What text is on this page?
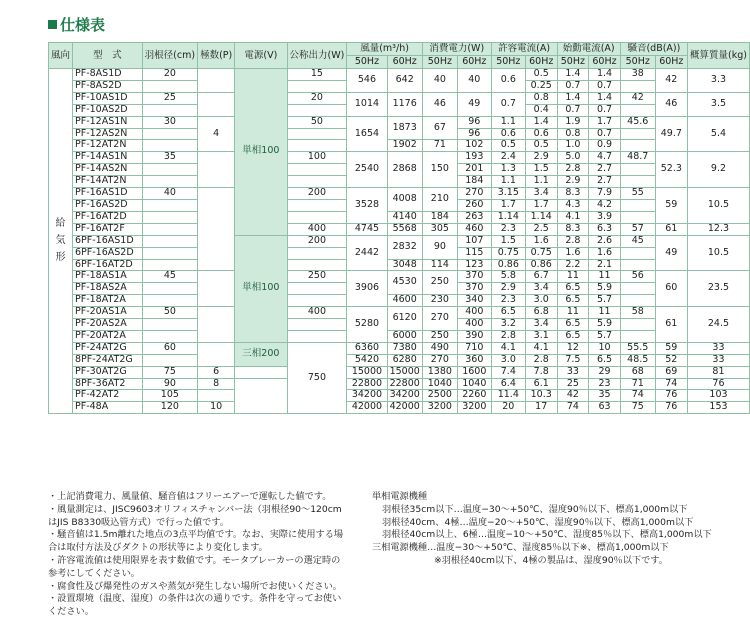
仕様表
風向	型　式	羽根径(cm)	極数(P)	電源(V)	公称出力(W)	風量(m³/h)		消費電力(W)		許容電流(A)		始動電流(A)		騒音(dB(A))		概算質量(kg)
						50Hz	60Hz	50Hz	60Hz	50Hz	60Hz	50Hz	60Hz	50Hz	60Hz	

給
気
形	PF-8AS1D	20		単相100	15	546	642	40	40	0.6	0.5	1.4	1.4	38	42	3.3
	PF-8AS2D										0.25	0.7	0.7			
	PF-10AS1D	25			20	1014	1176	46	49	0.7	0.8	1.4	1.4	42	46	3.5
	PF-10AS2D										0.4	0.7	0.7			
	PF-12AS1N	30	4		50	1654	1873	67	96	1.1	1.4	1.9	1.7	45.6	49.7	5.4
	PF-12AS2N								96	0.6	0.6	0.8	0.7			
	PF-12AT2N						1902	71	102	0.5	0.5	1.0	0.9			
	PF-14AS1N	35			100	2540	2868	150	193	2.4	2.9	5.0	4.7	48.7	52.3	9.2
	PF-14AS2N								201	1.3	1.5	2.8	2.7			
	PF-14AT2N								184	1.1	1.1	2.9	2.7			
	PF-16AS1D	40			200	3528	4008	210	270	3.15	3.4	8.3	7.9	55	59	10.5
	PF-16AS2D								260	1.7	1.7	4.3	4.2			
	PF-16AT2D						4140	184	263	1.14	1.14	4.1	3.9			
	PF-16AT2F				400	4745	5568	305	460	2.3	2.5	8.3	6.3	57	61	12.3
	6PF-16AS1D			単相100	200	2442	2832	90	107	1.5	1.6	2.8	2.6	45	49	10.5
	6PF-16AS2D								115	0.75	0.75	1.6	1.6			
	6PF-16AT2D						3048	114	123	0.86	0.86	2.2	2.1			
	PF-18AS1A	45			250	3906	4530	250	370	5.8	6.7	11	11	56	60	23.5
	PF-18AS2A								370	2.9	3.4	6.5	5.9			
	PF-18AT2A						4600	230	340	2.3	3.0	6.5	5.7			
	PF-20AS1A	50			400	5280	6120	270	400	6.5	6.8	11	11	58	61	24.5
	PF-20AS2A								400	3.2	3.4	6.5	5.9			
	PF-20AT2A						6000	250	390	2.8	3.1	6.5	5.7			
	PF-24AT2G	60		三相200	750	6360	7380	490	710	4.1	4.1	12	10	55.5	59	33
	8PF-24AT2G					5420	6280	270	360	3.0	2.8	7.5	6.5	48.5	52	33
	PF-30AT2G	75	6			15000	15000	1380	1600	7.4	7.8	33	29	68	69	81
	8PF-36AT2	90	8			22800	22800	1040	1040	6.4	6.1	25	23	71	74	76
	PF-42AT2	105				34200	34200	2500	2260	11.4	10.3	42	35	74	76	103
	PF-48A	120	10			42000	42000	3200	3200	20	17	74	63	75	76	153

・上記消費電力、風量値、騒音値はフリーエアーで運転した値です。

・風量測定は、JISC9603オリフィスチャンバー法（羽根径90〜120cmはJIS B8330吸込管方式）で行った値です。

・騒音値は1.5m離れた地点の3点平均値です。なお、実際に使用する場合は取付方法及びダクトの形状等により変化します。

・許容電流値は使用限界を表す数値です。モータブレーカーの選定時の参考にしてください。

・腐食性及び爆発性のガスや蒸気が発生しない場所でお使いください。

・設置環境（温度、湿度）の条件は次の通りです。条件を守ってお使いください。

単相電源機種

羽根径35cm以下…温度−30〜+50℃、湿度90％以下、標高1,000m以下

羽根径40cm、4極…温度−20〜+50℃、湿度90％以下、標高1,000m以下

羽根径40cm以上、6極…温度−10〜+50℃、湿度85％以下、標高1,000m以下

三相電源機種…温度−30〜+50℃、湿度85％以下※、標高1,000m以下

※羽根径40cm以下、4極の製品は、湿度90％以下です。
